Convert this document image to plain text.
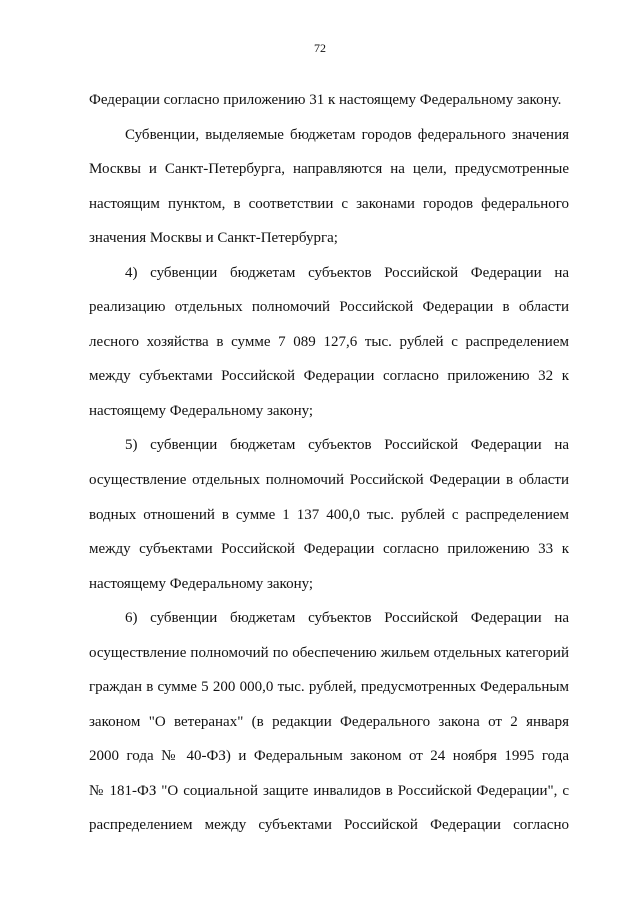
72
Федерации согласно приложению 31 к настоящему Федеральному закону.
Субвенции, выделяемые бюджетам городов федерального значения
Москвы и Санкт-Петербурга, направляются на цели, предусмотренные
настоящим пунктом, в соответствии с законами городов федерального
значения Москвы и Санкт-Петербурга;
4) субвенции бюджетам субъектов Российской Федерации на
реализацию отдельных полномочий Российской Федерации в области
лесного хозяйства в сумме 7 089 127,6 тыс. рублей с распределением
между субъектами Российской Федерации согласно приложению 32 к
настоящему Федеральному закону;
5) субвенции бюджетам субъектов Российской Федерации на
осуществление отдельных полномочий Российской Федерации в области
водных отношений в сумме 1 137 400,0 тыс. рублей с распределением
между субъектами Российской Федерации согласно приложению 33 к
настоящему Федеральному закону;
6) субвенции бюджетам субъектов Российской Федерации на
осуществление полномочий по обеспечению жильем отдельных категорий
граждан в сумме 5 200 000,0 тыс. рублей, предусмотренных Федеральным
законом "О ветеранах" (в редакции Федерального закона от 2 января
2000 года № 40-ФЗ) и Федеральным законом от 24 ноября 1995 года
№ 181-ФЗ "О социальной защите инвалидов в Российской Федерации", с
распределением между субъектами Российской Федерации согласно
